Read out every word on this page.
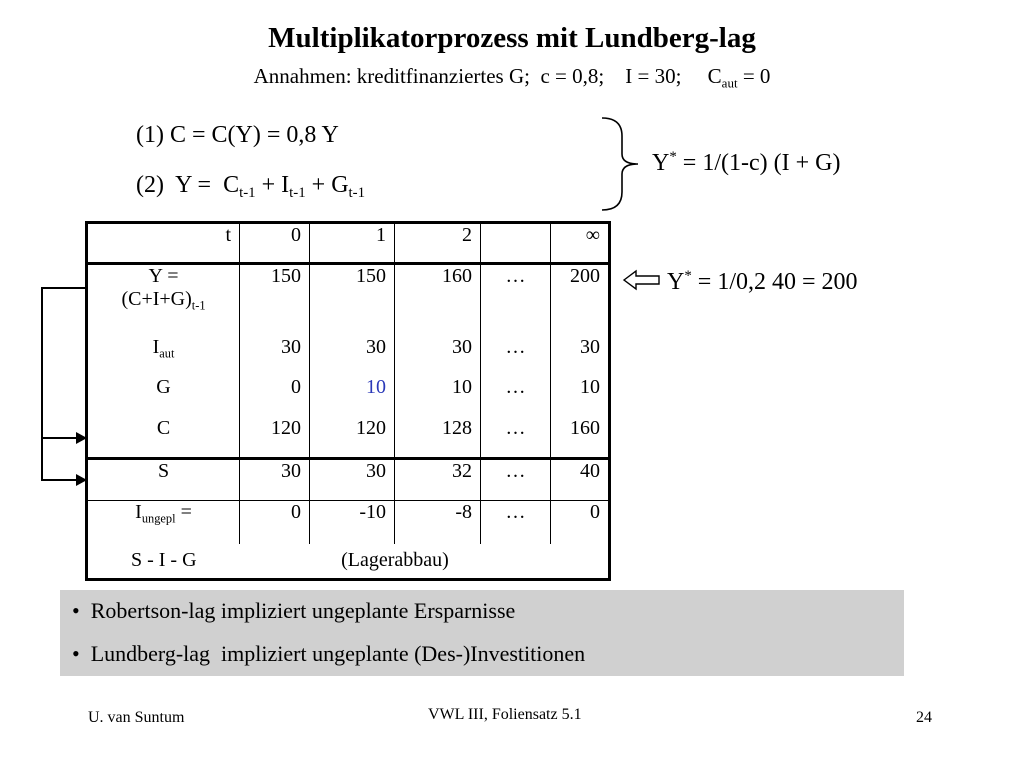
Multiplikatorprozess mit Lundberg-lag
Annahmen: kreditfinanziertes G;  c = 0,8;    I = 30;     $C_{aut} = 0$
(1) C = C(Y) = 0,8 Y
(2)  $Y = C_{t-1} + I_{t-1} + G_{t-1}$
Y* = 1/(1-c) (I + G)
Y* = 1/0,2 40 = 200
t	0	1	2		∞
Y =
$(C+I+G)_{t-1}$	150	150	160	…	200
$I_{aut}$	30	30	30	…	30
G	0	10	10	…	10
C	120	120	128	…	160
S	30	30	32	…	40
$I_{ungepl}$ =	0	-10	-8	…	0
S - I - G	(Lagerabbau)				
•  Robertson-lag impliziert ungeplante Ersparnisse
•  Lundberg-lag  impliziert ungeplante (Des-)Investitionen
U. van Suntum	VWL III, Foliensatz 5.1	24
